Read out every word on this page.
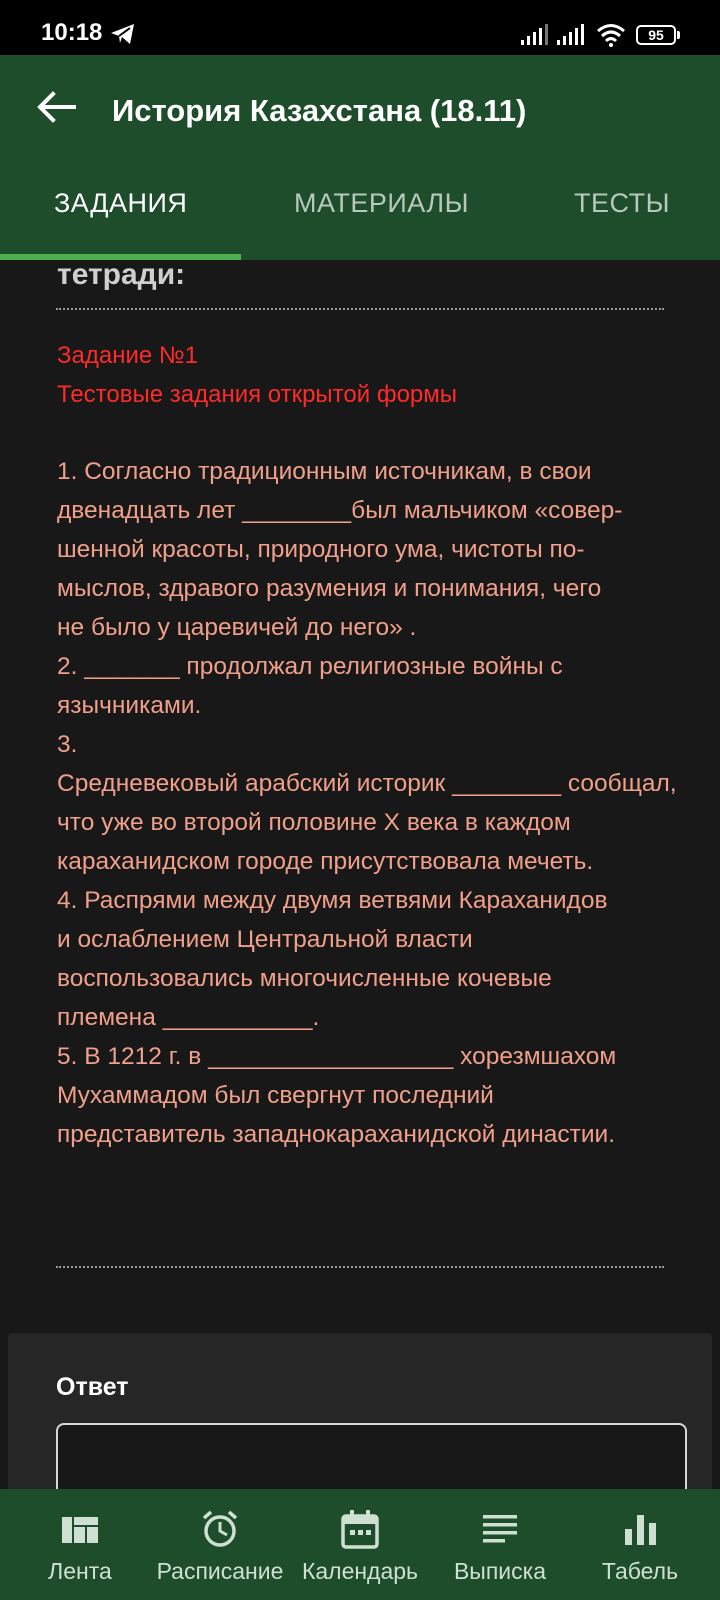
10:18	95
История Казахстана (18.11)
ЗАДАНИЯ	МАТЕРИАЛЫ	ТЕСТЫ
тетради:
Задание №1
Тестовые задания открытой формы
1. Согласно традиционным источникам, в свои
двенадцать лет ________был мальчиком «совер-
шенной красоты, природного ума, чистоты по-
мыслов, здравого разумения и понимания, чего
не было у царевичей до него» .
2. _______ продолжал религиозные войны с
язычниками.
3.
Средневековый арабский историк ________ сообщал,
что уже во второй половине X века в каждом
караханидском городе присутствовала мечеть.
4. Распрями между двумя ветвями Караханидов
и ослаблением Центральной власти
воспользовались многочисленные кочевые
племена ___________.
5. В 1212 г. в __________________ хорезмшахом
Мухаммадом был свергнут последний
представитель западнокараханидской династии.
Ответ
Лента	Расписание Календарь	Выписка	Табель
